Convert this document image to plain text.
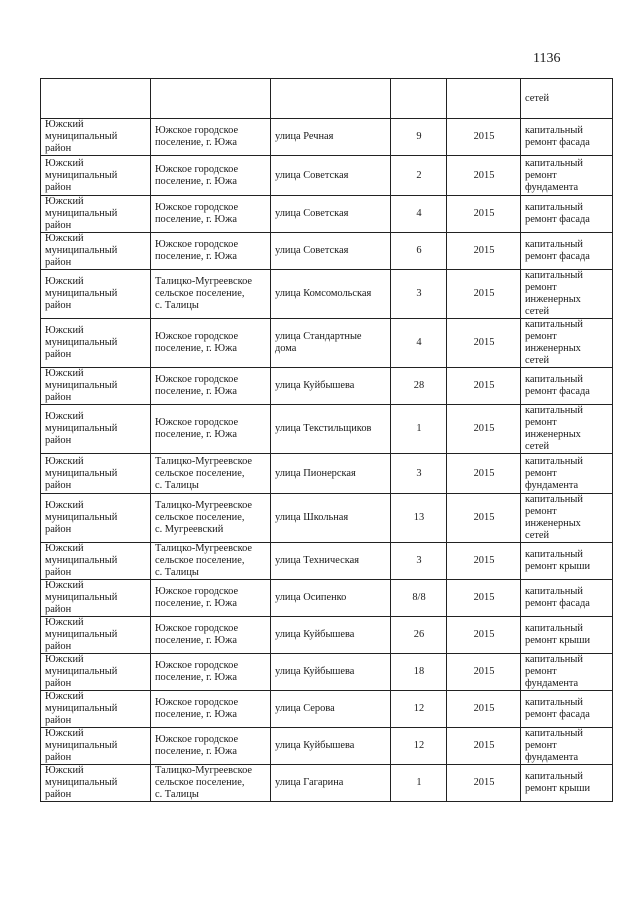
1136

					сетей

Южский
муниципальный
район	Южское городское
поселение, г. Южа	улица Речная	9	2015	капитальный
ремонт фасада

Южский
муниципальный
район	Южское городское
поселение, г. Южа	улица Советская	2	2015	капитальный
ремонт
фундамента

Южский
муниципальный
район	Южское городское
поселение, г. Южа	улица Советская	4	2015	капитальный
ремонт фасада

Южский
муниципальный
район	Южское городское
поселение, г. Южа	улица Советская	6	2015	капитальный
ремонт фасада

Южский
муниципальный
район	Талицко-Мугреевское
сельское поселение,
с. Талицы	улица Комсомольская	3	2015	капитальный
ремонт
инженерных
сетей

Южский
муниципальный
район	Южское городское
поселение, г. Южа	улица Стандартные
дома	4	2015	капитальный
ремонт
инженерных
сетей

Южский
муниципальный
район	Южское городское
поселение, г. Южа	улица Куйбышева	28	2015	капитальный
ремонт фасада

Южский
муниципальный
район	Южское городское
поселение, г. Южа	улица Текстильщиков	1	2015	капитальный
ремонт
инженерных
сетей

Южский
муниципальный
район	Талицко-Мугреевское
сельское поселение,
с. Талицы	улица Пионерская	3	2015	капитальный
ремонт
фундамента

Южский
муниципальный
район	Талицко-Мугреевское
сельское поселение,
с. Мугреевский	улица Школьная	13	2015	капитальный
ремонт
инженерных
сетей

Южский
муниципальный
район	Талицко-Мугреевское
сельское поселение,
с. Талицы	улица Техническая	3	2015	капитальный
ремонт крыши

Южский
муниципальный
район	Южское городское
поселение, г. Южа	улица Осипенко	8/8	2015	капитальный
ремонт фасада

Южский
муниципальный
район	Южское городское
поселение, г. Южа	улица Куйбышева	26	2015	капитальный
ремонт крыши

Южский
муниципальный
район	Южское городское
поселение, г. Южа	улица Куйбышева	18	2015	капитальный
ремонт
фундамента

Южский
муниципальный
район	Южское городское
поселение, г. Южа	улица Серова	12	2015	капитальный
ремонт фасада

Южский
муниципальный
район	Южское городское
поселение, г. Южа	улица Куйбышева	12	2015	капитальный
ремонт
фундамента

Южский
муниципальный
район	Талицко-Мугреевское
сельское поселение,
с. Талицы	улица Гагарина	1	2015	капитальный
ремонт крыши
